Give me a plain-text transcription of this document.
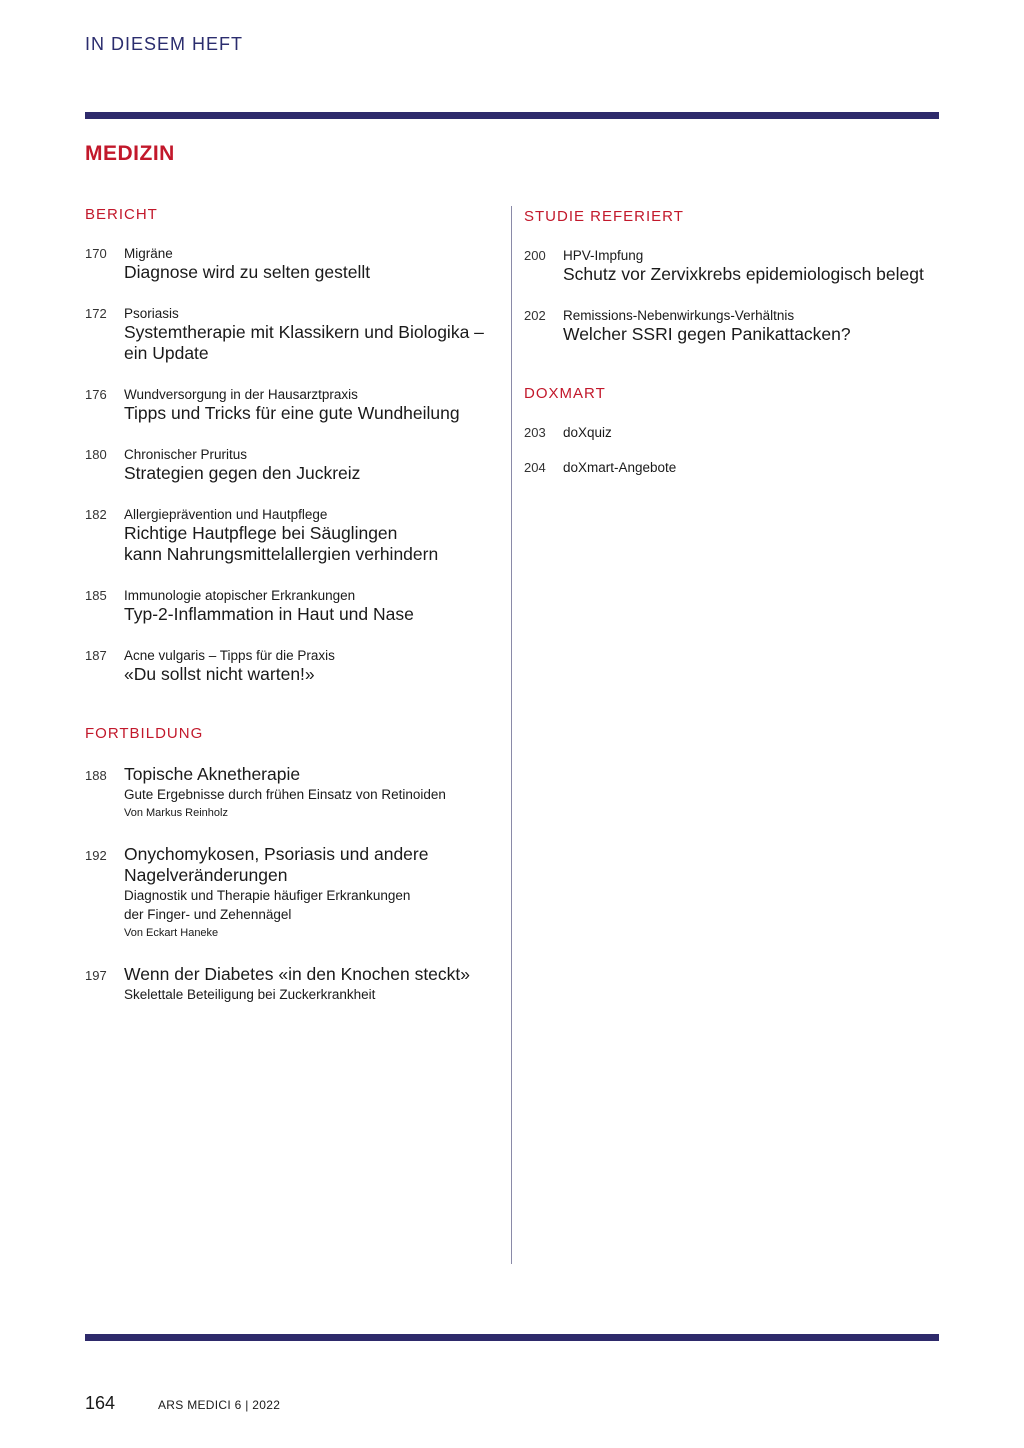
IN DIESEM HEFT
MEDIZIN
BERICHT
170 Migräne
Diagnose wird zu selten gestellt
172 Psoriasis
Systemtherapie mit Klassikern und Biologika –
ein Update
176 Wundversorgung in der Hausarztpraxis
Tipps und Tricks für eine gute Wundheilung
180 Chronischer Pruritus
Strategien gegen den Juckreiz
182 Allergieprävention und Hautpflege
Richtige Hautpflege bei Säuglingen
kann Nahrungsmittelallergien verhindern
185 Immunologie atopischer Erkrankungen
Typ-2-Inflammation in Haut und Nase
187 Acne vulgaris – Tipps für die Praxis
«Du sollst nicht warten!»
FORTBILDUNG
188 Topische Aknetherapie
Gute Ergebnisse durch frühen Einsatz von Retinoiden
Von Markus Reinholz
192 Onychomykosen, Psoriasis und andere
Nagelveränderungen
Diagnostik und Therapie häufiger Erkrankungen
der Finger- und Zehennägel
Von Eckart Haneke
197 Wenn der Diabetes «in den Knochen steckt»
Skelettale Beteiligung bei Zuckerkrankheit
STUDIE REFERIERT
200 HPV-Impfung
Schutz vor Zervixkrebs epidemiologisch belegt
202 Remissions-Nebenwirkungs-Verhältnis
Welcher SSRI gegen Panikattacken?
DOXMART
203 doXquiz
204 doXmart-Angebote
164	ARS MEDICI 6 | 2022
